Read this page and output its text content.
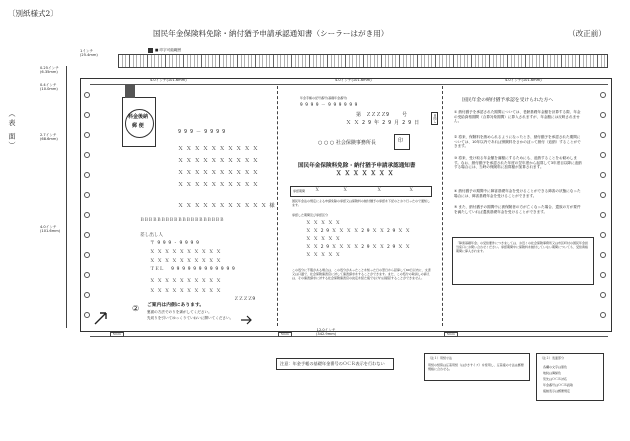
〔別紙様式2〕
国民年金保険料免除・納付猶予申請承認通知書（シーラーはがき用）	（改正前）
（表 面）
1インチ
(25.4mm)
■ 印字可能範囲
0.25インチ
(6.35mm)
0.4インチ
(10.0mm)
2.7インチ
(68.6mm)
4.0インチ
(101.6mm)
4.0インチ(101.6mm)	4.0インチ(101.6mm)	4.0インチ(101.6mm)
料金後納
郵 便
9 9 9 － 9 9 9 9
Ｘ Ｘ Ｘ Ｘ Ｘ Ｘ Ｘ Ｘ Ｘ Ｘ
Ｘ Ｘ Ｘ Ｘ Ｘ Ｘ Ｘ Ｘ Ｘ Ｘ
Ｘ Ｘ Ｘ Ｘ Ｘ Ｘ Ｘ Ｘ Ｘ Ｘ
Ｘ Ｘ Ｘ Ｘ Ｘ Ｘ Ｘ Ｘ Ｘ Ｘ
Ｘ Ｘ Ｘ Ｘ Ｘ Ｘ Ｘ Ｘ Ｘ Ｘ Ｘ 様
ＢＢＢＢＢＢＢＢＢＢＢＢＢＢＢＢＢＢＢＢ
差し出し人
〒 9 9 9 - 9 9 9 9
Ｘ Ｘ Ｘ Ｘ Ｘ Ｘ Ｘ Ｘ Ｘ Ｘ
Ｘ Ｘ Ｘ Ｘ Ｘ Ｘ Ｘ Ｘ Ｘ Ｘ
ＴＥＬ　 9 9 9 9 9 9 9 9 9 9 9 9
Ｘ Ｘ Ｘ Ｘ Ｘ Ｘ Ｘ Ｘ Ｘ Ｘ
Ｘ Ｘ Ｘ Ｘ Ｘ Ｘ Ｘ Ｘ Ｘ Ｘ
ＺＺＺＺ9
② ご案内は内側にあります。
裏面の方法でのりを剥がしてください。
先切りを引いてゆっくりていねいに開いてください。
年金手帳の記号番号(基礎年金番号)
9 9 9 9 － 9 9 9 9 9 9
第 ＺＺＺＺ9	号
Ｘ Ｘ 2 9 年 2 9 月 2 9 日
○ ○ ○ 社会保険事務所長	印
国民年金保険料免除・納付猶予申請承認通知書
Ｘ Ｘ Ｘ Ｘ Ｘ Ｘ Ｘ
承認期間 Ｘ	Ｘ	Ｘ	Ｘ
国民年金法の規定による申請免除の承認又は保険料の納付猶予の承認を下記のとおり行ったので通知します。
承認した期間及び承認区分
Ｘ Ｘ Ｘ Ｘ Ｘ
Ｘ Ｘ 2 9 Ｘ Ｘ Ｘ Ｘ 2 9 Ｘ Ｘ 2 9 Ｘ Ｘ
Ｘ Ｘ Ｘ Ｘ Ｘ
Ｘ Ｘ 2 9 Ｘ Ｘ Ｘ Ｘ 2 9 Ｘ Ｘ 2 9 Ｘ Ｘ
Ｘ Ｘ Ｘ Ｘ Ｘ
この処分に不服がある場合は、この処分があったことを知った日の翌日から起算して60日以内に、文書又は口頭で、社会保険審査官に対して審査請求をすることができます。また、この処分の取消しの訴えは、その審査請求に対する社会保険審査官の決定を経た後でなければ提起することができません。
国民年金の納付猶予承認を受けられた方へ
① 納付猶予を承認された期間については、老齢基礎年金額を計算する際、年金の受給資格期間（合算対象期間）に算入されますが、年金額には反映されません。
② 将来、保険料を納められるようになったとき、納付猶予を承認された期間については、10年以内であれば保険料をさかのぼって納付（追納）することができます。
③ 将来、受け取る年金額を満額にするためにも、追納することをお勧めします。なお、納付猶予を承認された年度の翌年度から起算して3年度目以降に追納する場合には、当時の保険料に加算額が加算されます。
④ 納付猶予の期間中に障害基礎年金を受けることができる障害の状態になった場合には、障害基礎年金を受けることができます。
⑤ また、納付猶予の期間中に被保険者の方が亡くなった場合、遺族の方が要件を満たしていれば遺族基礎年金を受けることができます。
「障害基礎年金」の受給要件につきましては、お近くの社会保険事務所又は市区町村の国民年金担当窓口にお問い合わせください。承認期間中に保険料を納付していない期間についても、受給資格期間に算入されます。
目隠し
12.0インチ
(342.9mm)
5mm	5mm	5mm
注意：年金手帳の基礎年金番号のＯＣＲ表示を行わない
（注１）用紙寸法
用紙の紙質は圧着用紙（はがきサイズ）を使用し、圧着後の寸法は郵便規格に合わせる。
（注２）表面部分
各欄の文字は黒色
地紋は薄緑色
宛先はＯＣＲ対応
年金番号はＯＣＲ読取
後納表示は郵便規定
